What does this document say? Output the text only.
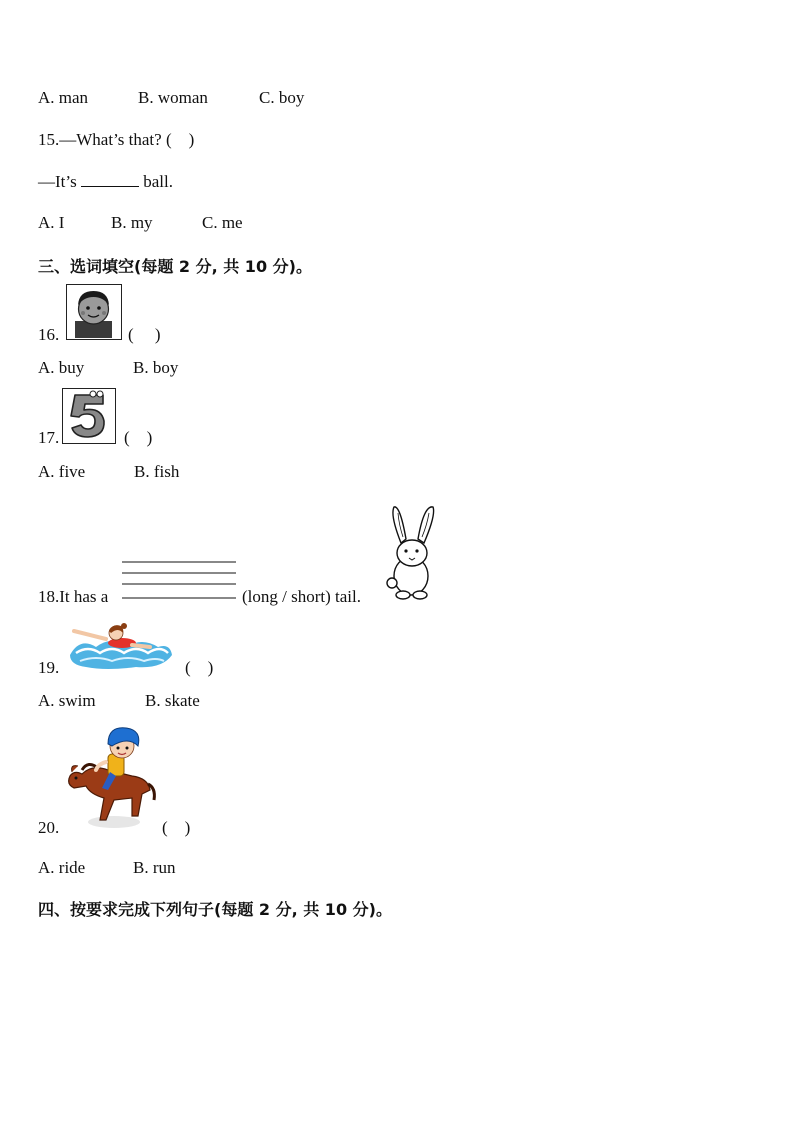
A. man	B. woman	C. boy
15.—What’s that? (    )
—It’s	ball.
A. I	B. my	C. me
三、选词填空(每题 2 分, 共 10 分)。
16.	(     )
A. buy	B. boy
17.	(    )
A. five	B. fish
18.It has a	(long / short) tail.
19.	(    )
A. swim	B. skate
20.	(    )
A. ride	B. run
四、按要求完成下列句子(每题 2 分, 共 10 分)。
